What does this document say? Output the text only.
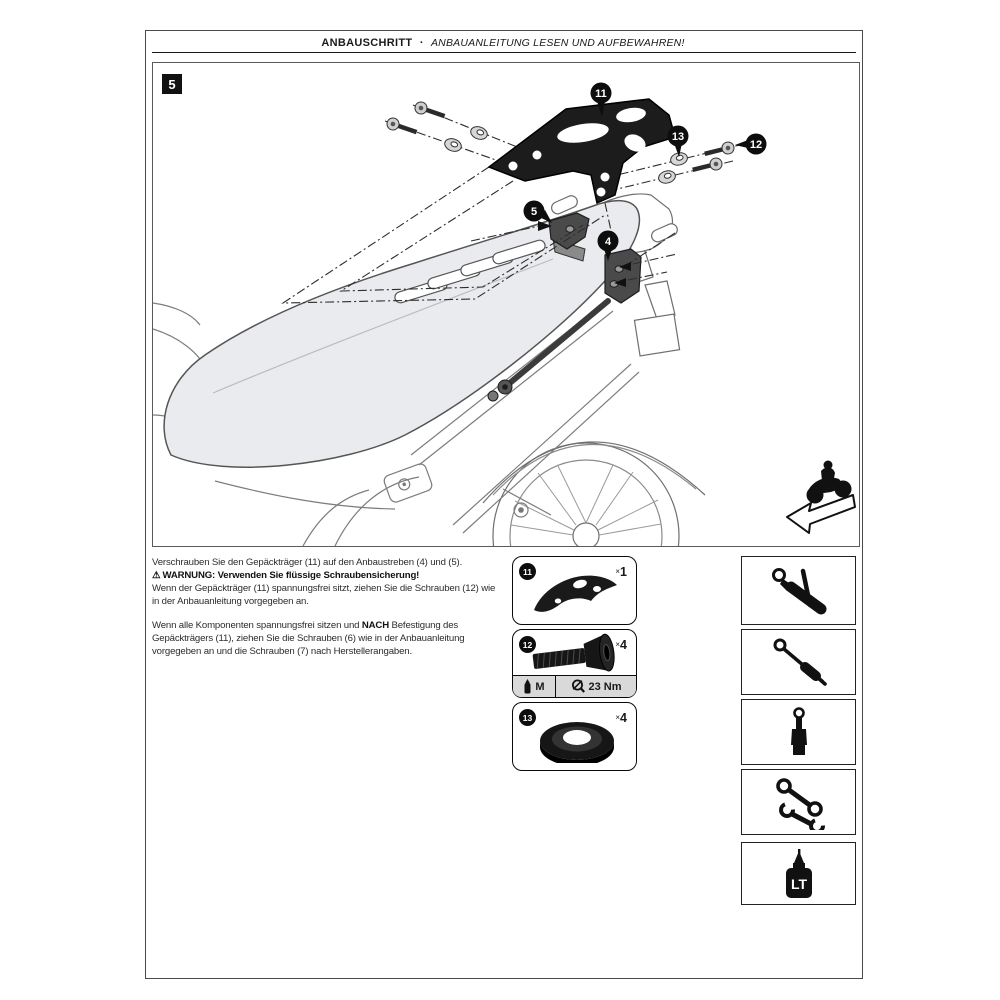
ANBAUSCHRITT · ANBAUANLEITUNG LESEN UND AUFBEWAHREN!
5
11
13
12
5
4

Verschrauben Sie den Gepäckträger (11) auf den Anbaustreben (4) und (5).

⚠ WARNUNG: Verwenden Sie flüssige Schraubensicherung!

Wenn der Gepäckträger (11) spannungsfrei sitzt, ziehen Sie die Schrauben (12) wie in der Anbauanleitung vorgegeben an.

Wenn alle Komponenten spannungsfrei sitzen und NACH Befestigung des Gepäckträgers (11), ziehen Sie die Schrauben (6) wie in der Anbauanleitung vorgegeben an und die Schrauben (7) nach Herstellerangaben.

11	×1
12	×4
M	23 Nm
13	×4
LT
